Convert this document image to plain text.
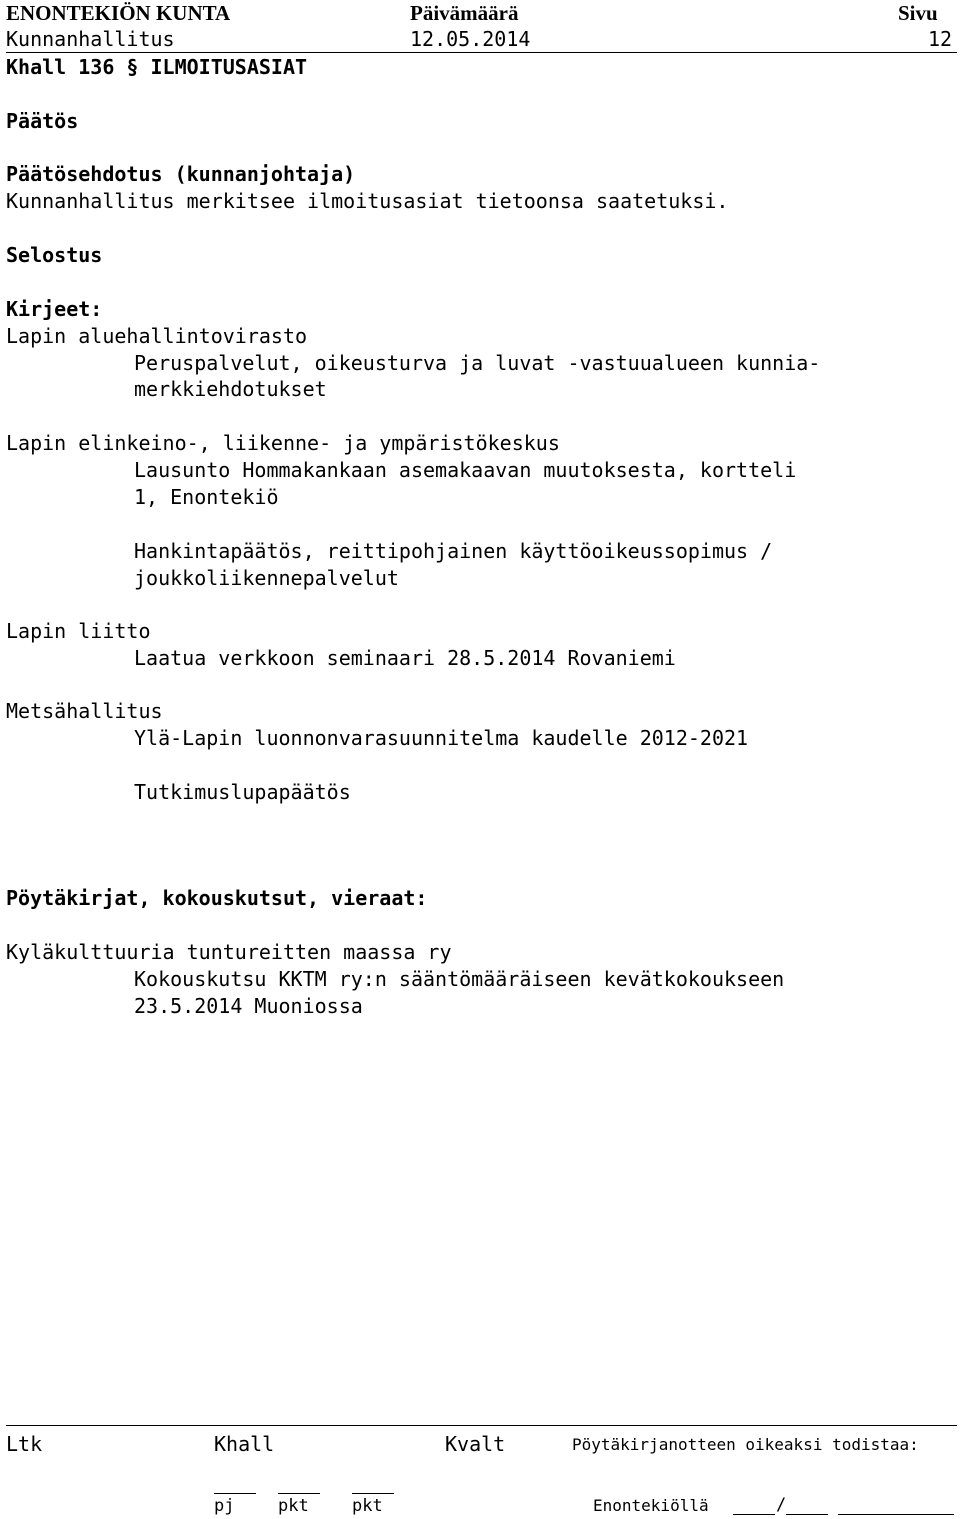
ENONTEKIÖN KUNTA	Päivämäärä	Sivu
Kunnanhallitus	12.05.2014	12
Khall 136 § ILMOITUSASIAT
Päätös
Päätösehdotus (kunnanjohtaja)
Kunnanhallitus merkitsee ilmoitusasiat tietoonsa saatetuksi.
Selostus
Kirjeet:
Lapin aluehallintovirasto
Peruspalvelut, oikeusturva ja luvat -vastuualueen kunnia-
merkkiehdotukset
Lapin elinkeino-, liikenne- ja ympäristökeskus
Lausunto Hommakankaan asemakaavan muutoksesta, kortteli
1, Enontekiö
Hankintapäätös, reittipohjainen käyttöoikeussopimus /
joukkoliikennepalvelut
Lapin liitto
Laatua verkkoon seminaari 28.5.2014 Rovaniemi
Metsähallitus
Ylä-Lapin luonnonvarasuunnitelma kaudelle 2012-2021
Tutkimuslupapäätös
Pöytäkirjat, kokouskutsut, vieraat:
Kyläkulttuuria tuntureitten maassa ry
Kokouskutsu KKTM ry:n sääntömääräiseen kevätkokoukseen
23.5.2014 Muoniossa
Ltk	Khall	Kvalt	Pöytäkirjanotteen oikeaksi todistaa:
pj	pkt	pkt	Enontekiöllä	/
